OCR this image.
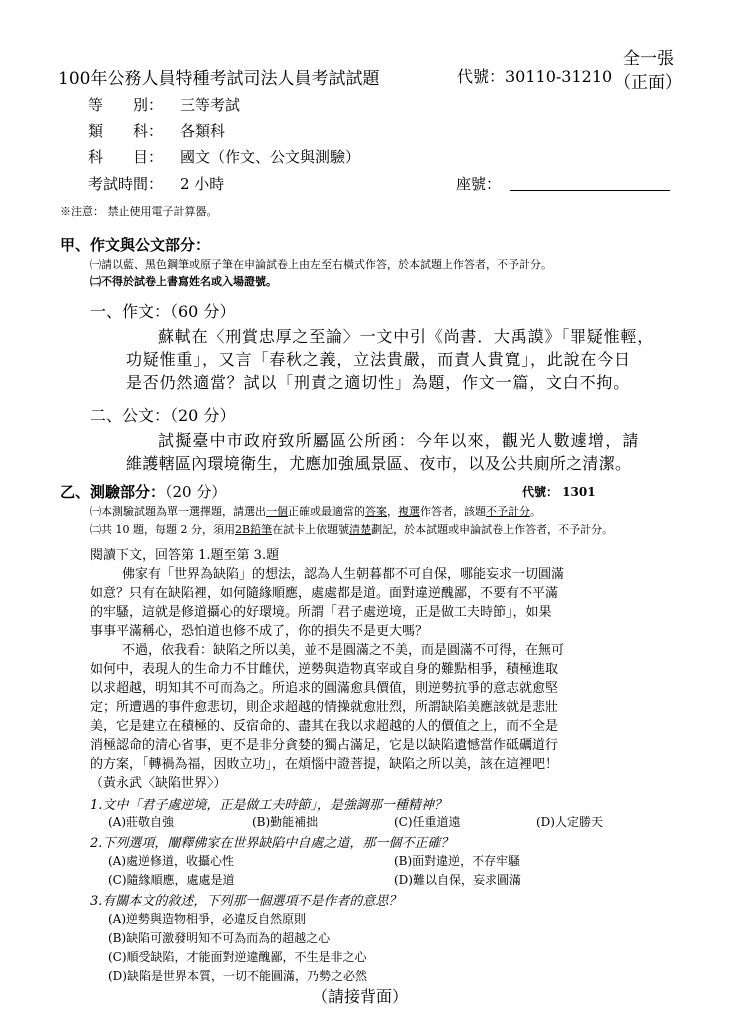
100年公務人員特種考試司法人員考試試題	代號：30110-31210
全一張
（正面）
等　　別： 三等考試
類　　科： 各類科
科　　目： 國文（作文、公文與測驗）
考試時間： 2 小時	座號：
※注意： 禁止使用電子計算器。
甲、作文與公文部分：
㈠請以藍、黑色鋼筆或原子筆在申論試卷上由左至右橫式作答，於本試題上作答者，不予計分。
㈡不得於試卷上書寫姓名或入場證號。
一、作文：（60 分）
蘇軾在〈刑賞忠厚之至論〉一文中引《尚書．大禹謨》「罪疑惟輕，
功疑惟重」，又言「春秋之義，立法貴嚴，而責人貴寬」，此說在今日
是否仍然適當？試以「刑責之適切性」為題，作文一篇，文白不拘。
二、公文：（20 分）
試擬臺中市政府致所屬區公所函：今年以來，觀光人數遽增，請
維護轄區內環境衛生，尤應加強風景區、夜市，以及公共廁所之清潔。
乙、測驗部分：（20 分）	代號： 1301
㈠本測驗試題為單一選擇題，請選出一個正確或最適當的答案，複選作答者，該題不予計分。
㈡共 10 題，每題 2 分，須用2B鉛筆在試卡上依題號清楚劃記，於本試題或申論試卷上作答者，不予計分。
閱讀下文，回答第 1.題至第 3.題
佛家有「世界為缺陷」的想法，認為人生朝暮都不可自保，哪能妄求一切圓滿
如意？只有在缺陷裡，如何隨緣順應，處處都是道。面對違逆醜鄙，不要有不平滿
的牢騷，這就是修道攝心的好環境。所謂「君子處逆境，正是做工夫時節」，如果
事事平滿稱心，恐怕道也修不成了，你的損失不是更大嗎？
不過，依我看：缺陷之所以美，並不是圓滿之不美，而是圓滿不可得，在無可
如何中，表現人的生命力不甘雌伏，逆勢與造物真宰或自身的難點相爭，積極進取
以求超越，明知其不可而為之。所追求的圓滿愈具價值，則逆勢抗爭的意志就愈堅
定；所遭遇的事件愈悲切，則企求超越的情操就愈壯烈，所謂缺陷美應該就是悲壯
美，它是建立在積極的、反宿命的、盡其在我以求超越的人的價值之上，而不全是
消極認命的清心省事，更不是非分貪婪的獨占滿足，它是以缺陷遺憾當作砥礪道行
的方案，「轉禍為福，因敗立功」，在煩惱中證菩提，缺陷之所以美，該在這裡吧！
（黃永武〈缺陷世界〉）
1.文中「君子處逆境，正是做工夫時節」，是強調那一種精神？
(A)莊敬自強	(B)勤能補拙	(C)任重道遠	(D)人定勝天
2.下列選項，闡釋佛家在世界缺陷中自處之道，那一個不正確？
(A)處逆修道，收攝心性	(B)面對違逆，不存牢騷
(C)隨緣順應，處處是道	(D)難以自保，妄求圓滿
3.有關本文的敘述，下列那一個選項不是作者的意思？
(A)逆勢與造物相爭，必違反自然原則
(B)缺陷可激發明知不可為而為的超越之心
(C)順受缺陷，才能面對逆違醜鄙，不生是非之心
(D)缺陷是世界本質，一切不能圓滿，乃勢之必然
（請接背面）
